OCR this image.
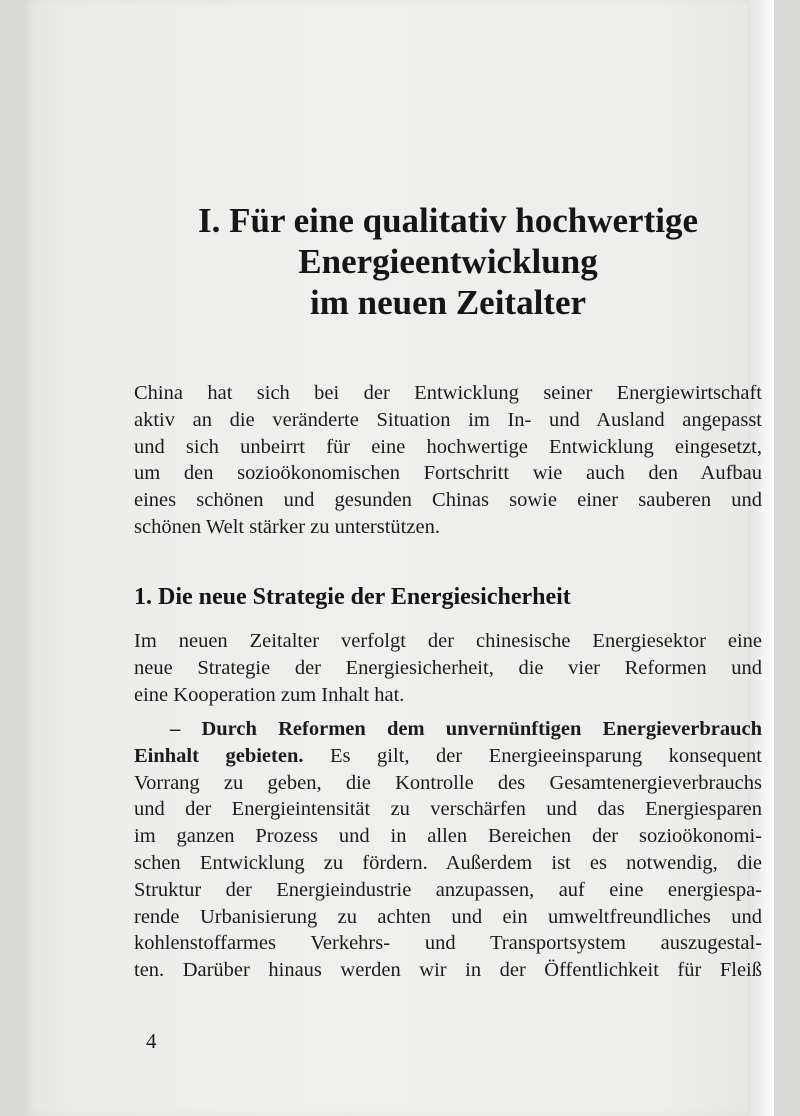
I. Für eine qualitativ hochwertige
Energieentwicklung
im neuen Zeitalter

China hat sich bei der Entwicklung seiner Energiewirtschaft
aktiv an die veränderte Situation im In- und Ausland angepasst
und sich unbeirrt für eine hochwertige Entwicklung eingesetzt,
um den sozioökonomischen Fortschritt wie auch den Aufbau
eines schönen und gesunden Chinas sowie einer sauberen und
schönen Welt stärker zu unterstützen.

1. Die neue Strategie der Energiesicherheit

Im neuen Zeitalter verfolgt der chinesische Energiesektor eine
neue Strategie der Energiesicherheit, die vier Reformen und
eine Kooperation zum Inhalt hat.

– Durch Reformen dem unvernünftigen Energieverbrauch
Einhalt gebieten. Es gilt, der Energieeinsparung konsequent
Vorrang zu geben, die Kontrolle des Gesamtenergieverbrauchs
und der Energieintensität zu verschärfen und das Energiesparen
im ganzen Prozess und in allen Bereichen der sozioökonomi-
schen Entwicklung zu fördern. Außerdem ist es notwendig, die
Struktur der Energieindustrie anzupassen, auf eine energiespa-
rende Urbanisierung zu achten und ein umweltfreundliches und
kohlenstoffarmes Verkehrs- und Transportsystem auszugestal-
ten. Darüber hinaus werden wir in der Öffentlichkeit für Fleiß

4
